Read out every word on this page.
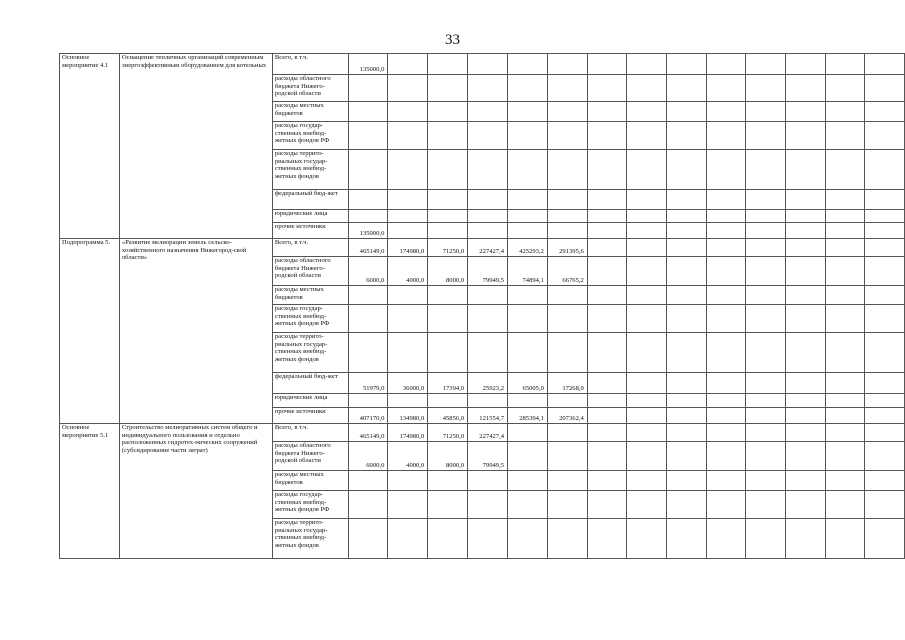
33
Основное мероприятие 4.1	Оснащение тепличных организаций современным энергоэффективным оборудованием для котельных	Всего, в т.ч.	135000,0													
		расходы областного бюджета Нижего-родской области														
		расходы местных бюджетов														
		расходы государ-ственных внебюд-жетных фондов РФ														
		расходы террито-риальных государ-ственных внебюд-жетных фондов														
		федеральный бюд-жет														
		юридические лица														
		прочие источники	135000,0													
Подпрограмма 5.	«Развитие мелиорации земель сельско-хозяйственного назначения Нижегород-ской области»	Всего, в т.ч.	465149,0	174980,0	71250,0	227427,4	425293,2	291395,6								
		расходы областного бюджета Нижего-родской области	6000,0	4000,0	8000,0	79949,5	74894,1	66765,2								
		расходы местных бюджетов														
		расходы государ-ственных внебюд-жетных фондов РФ														
		расходы террито-риальных государ-ственных внебюд-жетных фондов														
		федеральный бюд-жет	51979,0	36000,0	17394,0	25923,2	65005,0	17268,0								
		юридические лица														
		прочие источники	407170,0	134980,0	45856,0	121554,7	285394,1	207362,4								
Основное мероприятие 5.1	Строительство мелиоративных систем общего и индивидуального пользования и отдельно расположенных гидротех-нических сооружений (субсидирование части затрат)	Всего, в т.ч.	465149,0	174980,0	71250,0	227427,4										
		расходы областного бюджета Нижего-родской области	6000,0	4000,0	8000,0	79949,5										
		расходы местных бюджетов														
		расходы государ-ственных внебюд-жетных фондов РФ														
		расходы террито-риальных государ-ственных внебюд-жетных фондов														
